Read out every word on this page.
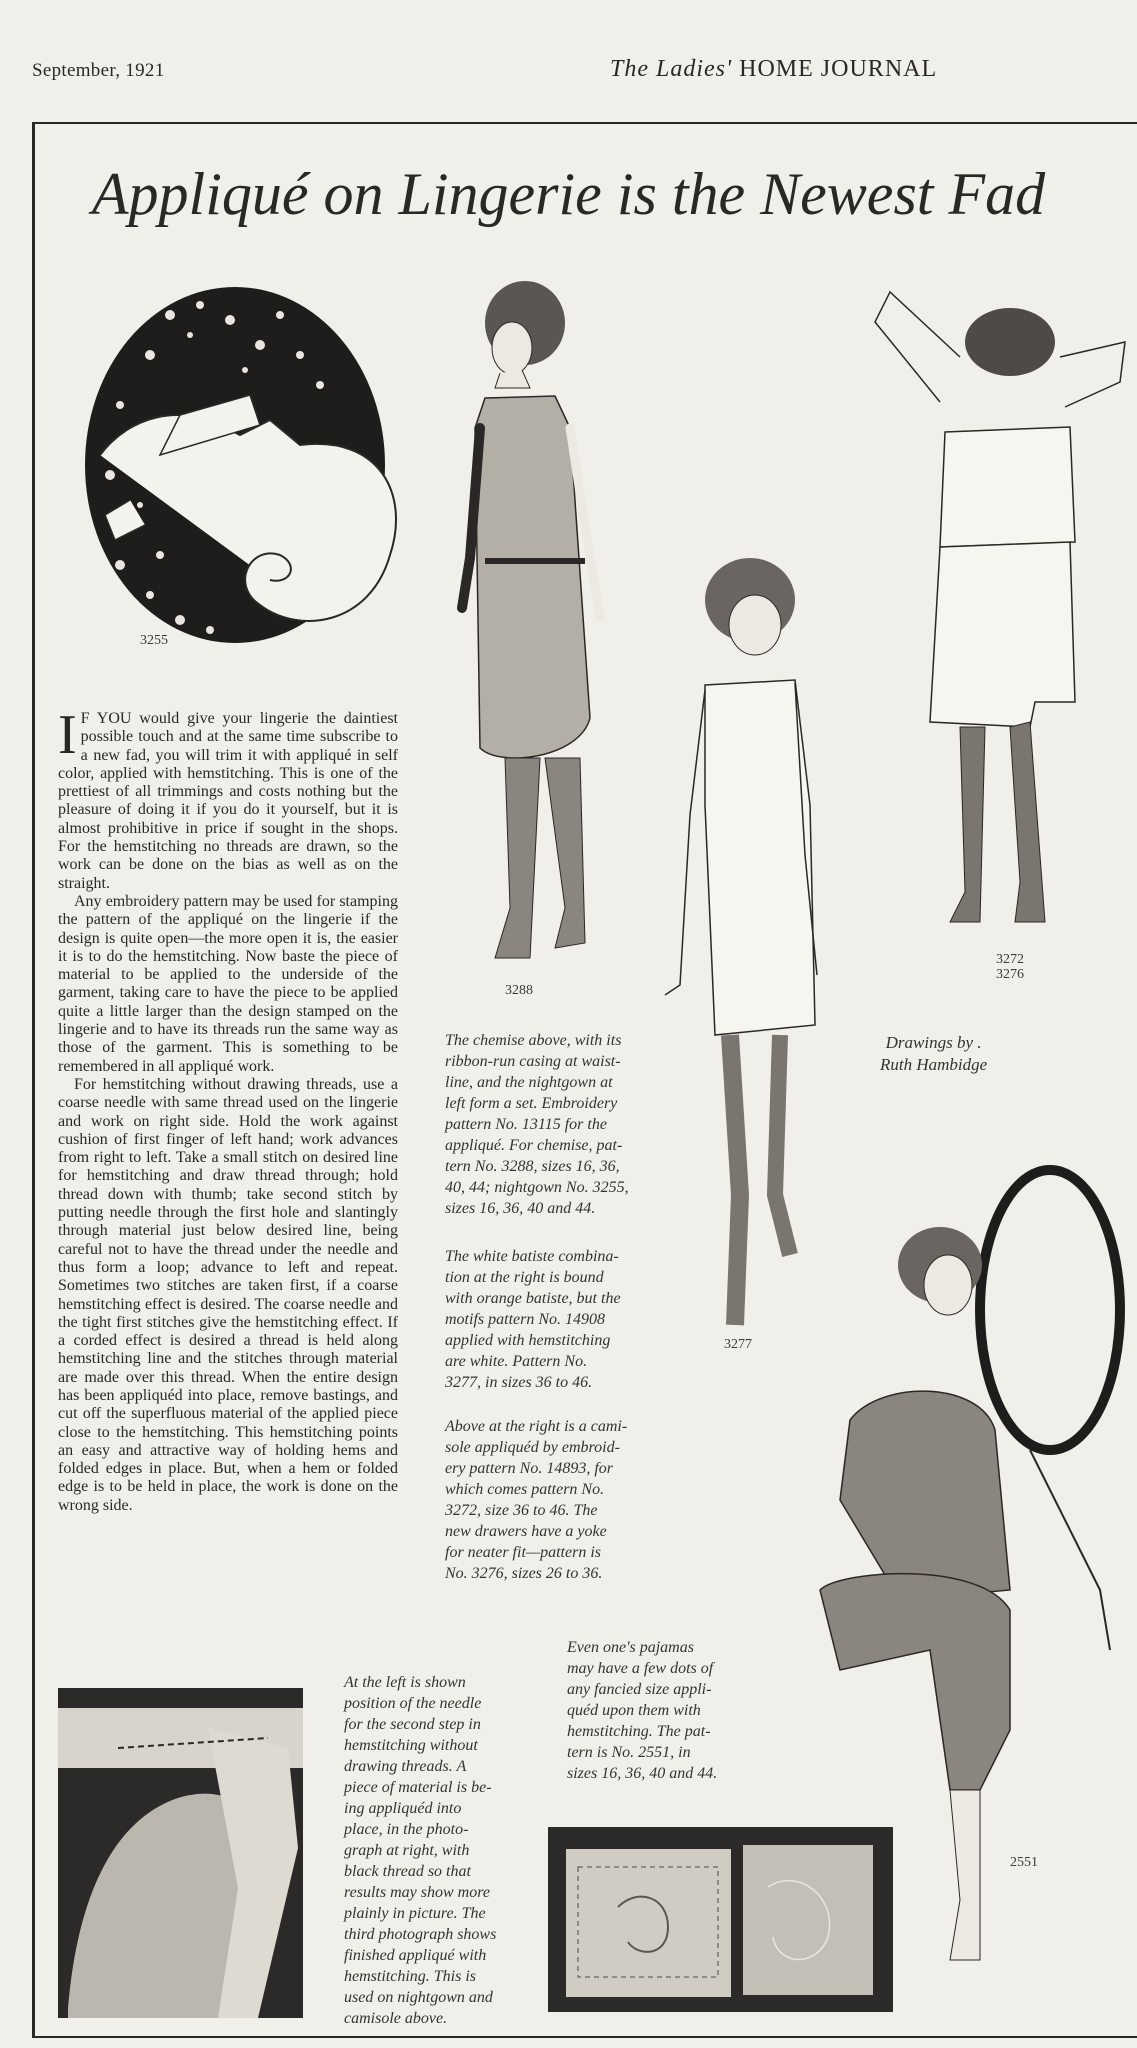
September, 1921	The Ladies' HOME JOURNAL
Appliqué on Lingerie is the Newest Fad
3255
3288
3277
3272
3276
Drawings by .
Ruth Hambidge
2551

I F YOU would give your lingerie the daintiest possible touch and at the same time subscribe to a new fad, you will trim it with appliqué in self color, applied with hemstitching. This is one of the prettiest of all trimmings and costs nothing but the pleasure of doing it if you do it yourself, but it is almost prohibitive in price if sought in the shops. For the hemstitching no threads are drawn, so the work can be done on the bias as well as on the straight.

Any embroidery pattern may be used for stamping the pattern of the appliqué on the lingerie if the design is quite open—the more open it is, the easier it is to do the hemstitching. Now baste the piece of material to be applied to the underside of the garment, taking care to have the piece to be applied quite a little larger than the design stamped on the lingerie and to have its threads run the same way as those of the garment. This is something to be remembered in all appliqué work.

For hemstitching without drawing threads, use a coarse needle with same thread used on the lingerie and work on right side. Hold the work against cushion of first finger of left hand; work advances from right to left. Take a small stitch on desired line for hemstitching and draw thread through; hold thread down with thumb; take second stitch by putting needle through the first hole and slantingly through material just below desired line, being careful not to have the thread under the needle and thus form a loop; advance to left and repeat. Sometimes two stitches are taken first, if a coarse hemstitching effect is desired. The coarse needle and the tight first stitches give the hemstitching effect. If a corded effect is desired a thread is held along hemstitching line and the stitches through material are made over this thread. When the entire design has been appliquéd into place, remove bastings, and cut off the superfluous material of the applied piece close to the hemstitching. This hemstitching points an easy and attractive way of holding hems and folded edges in place. But, when a hem or folded edge is to be held in place, the work is done on the wrong side.

The chemise above, with its
ribbon-run casing at waist-
line, and the nightgown at
left form a set. Embroidery
pattern No. 13115 for the
appliqué. For chemise, pat-
tern No. 3288, sizes 16, 36,
40, 44; nightgown No. 3255,
sizes 16, 36, 40 and 44.
The white batiste combina-
tion at the right is bound
with orange batiste, but the
motifs pattern No. 14908
applied with hemstitching
are white. Pattern No.
3277, in sizes 36 to 46.
Above at the right is a cami-
sole appliquéd by embroid-
ery pattern No. 14893, for
which comes pattern No.
3272, size 36 to 46. The
new drawers have a yoke
for neater fit—pattern is
No. 3276, sizes 26 to 36.
Even one's pajamas
may have a few dots of
any fancied size appli-
quéd upon them with
hemstitching. The pat-
tern is No. 2551, in
sizes 16, 36, 40 and 44.
At the left is shown
position of the needle
for the second step in
hemstitching without
drawing threads. A
piece of material is be-
ing appliquéd into
place, in the photo-
graph at right, with
black thread so that
results may show more
plainly in picture. The
third photograph shows
finished appliqué with
hemstitching. This is
used on nightgown and
camisole above.
